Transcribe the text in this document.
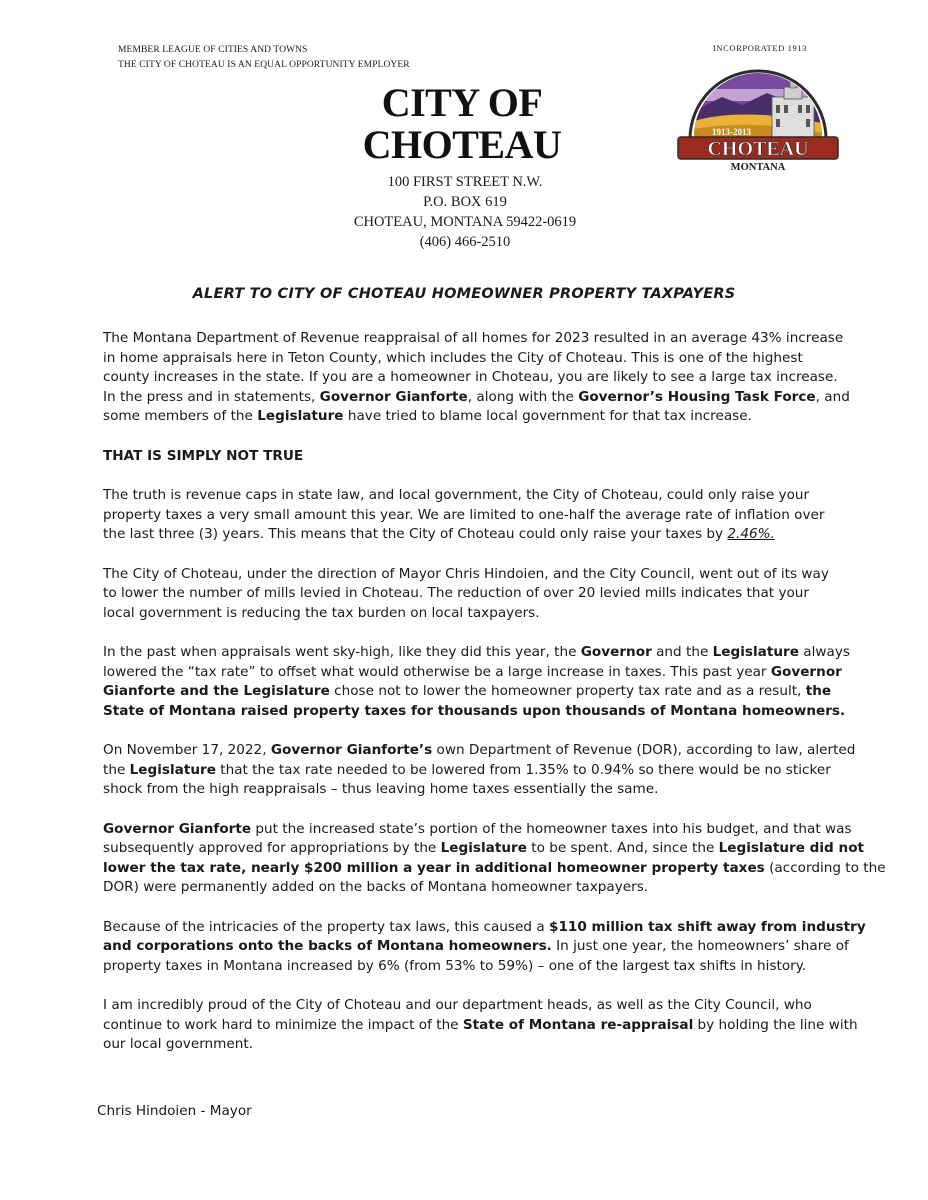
MEMBER LEAGUE OF CITIES AND TOWNS
THE CITY OF CHOTEAU IS AN EQUAL OPPORTUNITY EMPLOYER
CITY OF
CHOTEAU
100 FIRST STREET N.W.
P.O. BOX 619
CHOTEAU, MONTANA 59422-0619
(406) 466-2510
INCORPORATED 1913
1913-2013
CHOTEAU
MONTANA
ALERT TO CITY OF CHOTEAU HOMEOWNER PROPERTY TAXPAYERS

The Montana Department of Revenue reappraisal of all homes for 2023 resulted in an average 43% increase
in home appraisals here in Teton County, which includes the City of Choteau. This is one of the highest
county increases in the state. If you are a homeowner in Choteau, you are likely to see a large tax increase.
In the press and in statements, Governor Gianforte, along with the Governor’s Housing Task Force, and
some members of the Legislature have tried to blame local government for that tax increase.

THAT IS SIMPLY NOT TRUE

The truth is revenue caps in state law, and local government, the City of Choteau, could only raise your
property taxes a very small amount this year. We are limited to one-half the average rate of inflation over
the last three (3) years. This means that the City of Choteau could only raise your taxes by 2.46%.

The City of Choteau, under the direction of Mayor Chris Hindoien, and the City Council, went out of its way
to lower the number of mills levied in Choteau. The reduction of over 20 levied mills indicates that your
local government is reducing the tax burden on local taxpayers.

In the past when appraisals went sky-high, like they did this year, the Governor and the Legislature always
lowered the “tax rate” to offset what would otherwise be a large increase in taxes. This past year Governor
Gianforte and the Legislature chose not to lower the homeowner property tax rate and as a result, the
State of Montana raised property taxes for thousands upon thousands of Montana homeowners.

On November 17, 2022, Governor Gianforte’s own Department of Revenue (DOR), according to law, alerted
the Legislature that the tax rate needed to be lowered from 1.35% to 0.94% so there would be no sticker
shock from the high reappraisals – thus leaving home taxes essentially the same.

Governor Gianforte put the increased state’s portion of the homeowner taxes into his budget, and that was
subsequently approved for appropriations by the Legislature to be spent. And, since the Legislature did not
lower the tax rate, nearly $200 million a year in additional homeowner property taxes (according to the
DOR) were permanently added on the backs of Montana homeowner taxpayers.

Because of the intricacies of the property tax laws, this caused a $110 million tax shift away from industry
and corporations onto the backs of Montana homeowners. In just one year, the homeowners’ share of
property taxes in Montana increased by 6% (from 53% to 59%) – one of the largest tax shifts in history.

I am incredibly proud of the City of Choteau and our department heads, as well as the City Council, who
continue to work hard to minimize the impact of the State of Montana re-appraisal by holding the line with
our local government.

Chris Hindoien - Mayor
